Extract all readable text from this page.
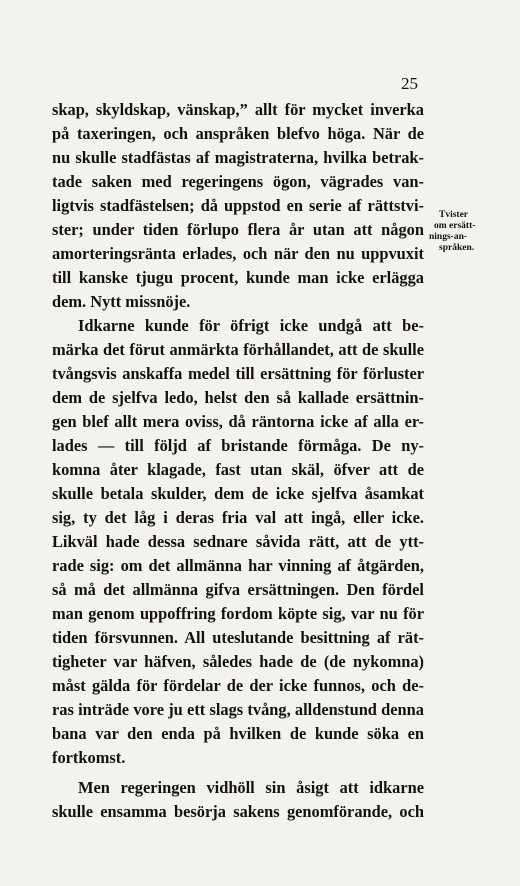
25
Tvister
om ersätt-
nings-an-
språken.
skap, skyldskap, vänskap,” allt för mycket inverka
på taxeringen, och anspråken blefvo höga. När de
nu skulle stadfästas af magistraterna, hvilka betrak-
tade saken med regeringens ögon, vägrades van-
ligtvis stadfästelsen; då uppstod en serie af rättstvi-
ster; under tiden förlupo flera år utan att någon
amorteringsränta erlades, och när den nu uppvuxit
till kanske tjugu procent, kunde man icke erlägga
dem. Nytt missnöje.
Idkarne kunde för öfrigt icke undgå att be-
märka det förut anmärkta förhållandet, att de skulle
tvångsvis anskaffa medel till ersättning för förluster
dem de sjelfva ledo, helst den så kallade ersättnin-
gen blef allt mera oviss, då räntorna icke af alla er-
lades — till följd af bristande förmåga. De ny-
komna åter klagade, fast utan skäl, öfver att de
skulle betala skulder, dem de icke sjelfva åsamkat
sig, ty det låg i deras fria val att ingå, eller icke.
Likväl hade dessa sednare såvida rätt, att de ytt-
rade sig: om det allmänna har vinning af åtgärden,
så må det allmänna gifva ersättningen. Den fördel
man genom uppoffring fordom köpte sig, var nu för
tiden försvunnen. All uteslutande besittning af rät-
tigheter var häfven, således hade de (de nykomna)
måst gälda för fördelar de der icke funnos, och de-
ras inträde vore ju ett slags tvång, alldenstund denna
bana var den enda på hvilken de kunde söka en
fortkomst.
Men regeringen vidhöll sin åsigt att idkarne
skulle ensamma besörja sakens genomförande, och
